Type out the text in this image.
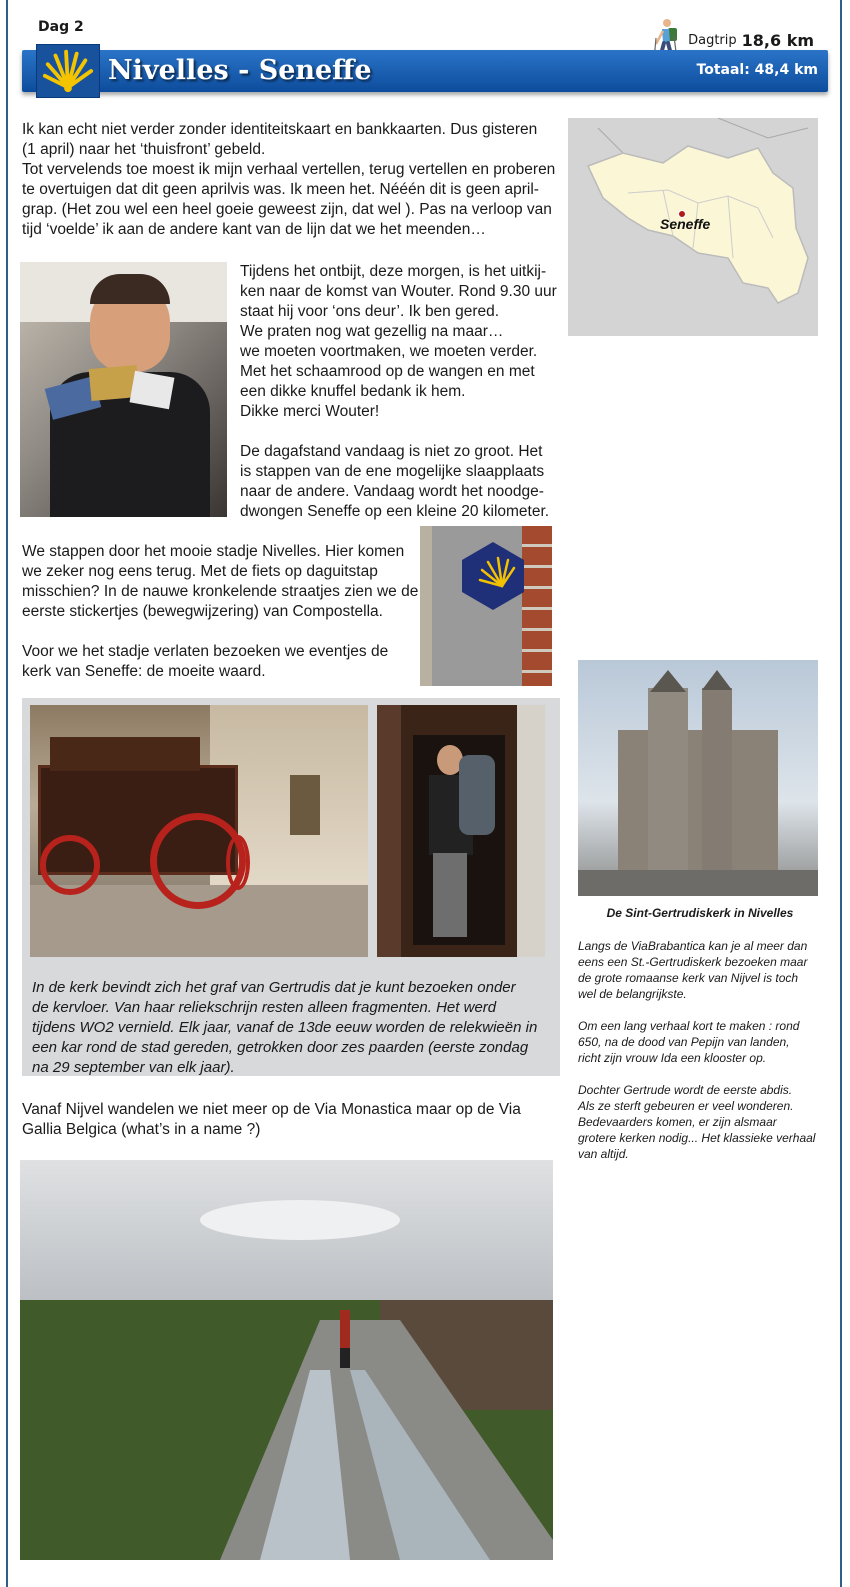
Dag 2
Dagtrip 18,6 km
Nivelles - Seneffe	Totaal: 48,4 km

Ik kan echt niet verder zonder identiteitskaart en bankkaarten. Dus gisteren
(1 april) naar het ‘thuisfront’ gebeld.
Tot vervelends toe moest ik mijn verhaal vertellen, terug vertellen en proberen
te overtuigen dat dit geen aprilvis was. Ik meen het. Nééén dit is geen april-
grap. (Het zou wel een heel goeie geweest zijn, dat wel ). Pas na verloop van
tijd ‘voelde’ ik aan de andere kant van de lijn dat we het meenden…	Seneffe

Tijdens het ontbijt, deze morgen, is het uitkij-
ken naar de komst van Wouter. Rond 9.30 uur
staat hij voor ‘ons deur’. Ik ben gered.
We praten nog wat gezellig na maar…
we moeten voortmaken, we moeten verder.
Met het schaamrood op de wangen en met
een dikke knuffel bedank ik hem.
Dikke merci Wouter!

De dagafstand vandaag is niet zo groot. Het
is stappen van de ene mogelijke slaapplaats
naar de andere. Vandaag wordt het noodge-
dwongen Seneffe op een kleine 20 kilometer.

We stappen door het mooie stadje Nivelles. Hier komen
we zeker nog eens terug. Met de fiets op daguitstap
misschien? In de nauwe kronkelende straatjes zien we de
eerste stickertjes (bewegwijzering) van Compostella.

Voor we het stadje verlaten bezoeken we eventjes de
kerk van Seneffe: de moeite waard.

In de kerk bevindt zich het graf van Gertrudis dat je kunt bezoeken onder
de kervloer. Van haar reliekschrijn resten alleen fragmenten. Het werd
tijdens WO2 vernield. Elk jaar, vanaf de 13de eeuw worden de relekwieën in
een kar rond de stad gereden, getrokken door zes paarden (eerste zondag
na 29 september van elk jaar).

Vanaf Nijvel wandelen we niet meer op de Via Monastica maar op de Via
Gallia Belgica (what’s in a name ?)

De Sint-Gertrudiskerk in Nivelles

Langs de ViaBrabantica kan je al meer dan
eens een St.-Gertrudiskerk bezoeken maar
de grote romaanse kerk van Nijvel is toch
wel de belangrijkste.

Om een lang verhaal kort te maken : rond
650, na de dood van Pepijn van landen,
richt zijn vrouw Ida een klooster op.

Dochter Gertrude wordt de eerste abdis.
Als ze sterft gebeuren er veel wonderen.
Bedevaarders komen, er zijn alsmaar
grotere kerken nodig... Het klassieke verhaal
van altijd.
